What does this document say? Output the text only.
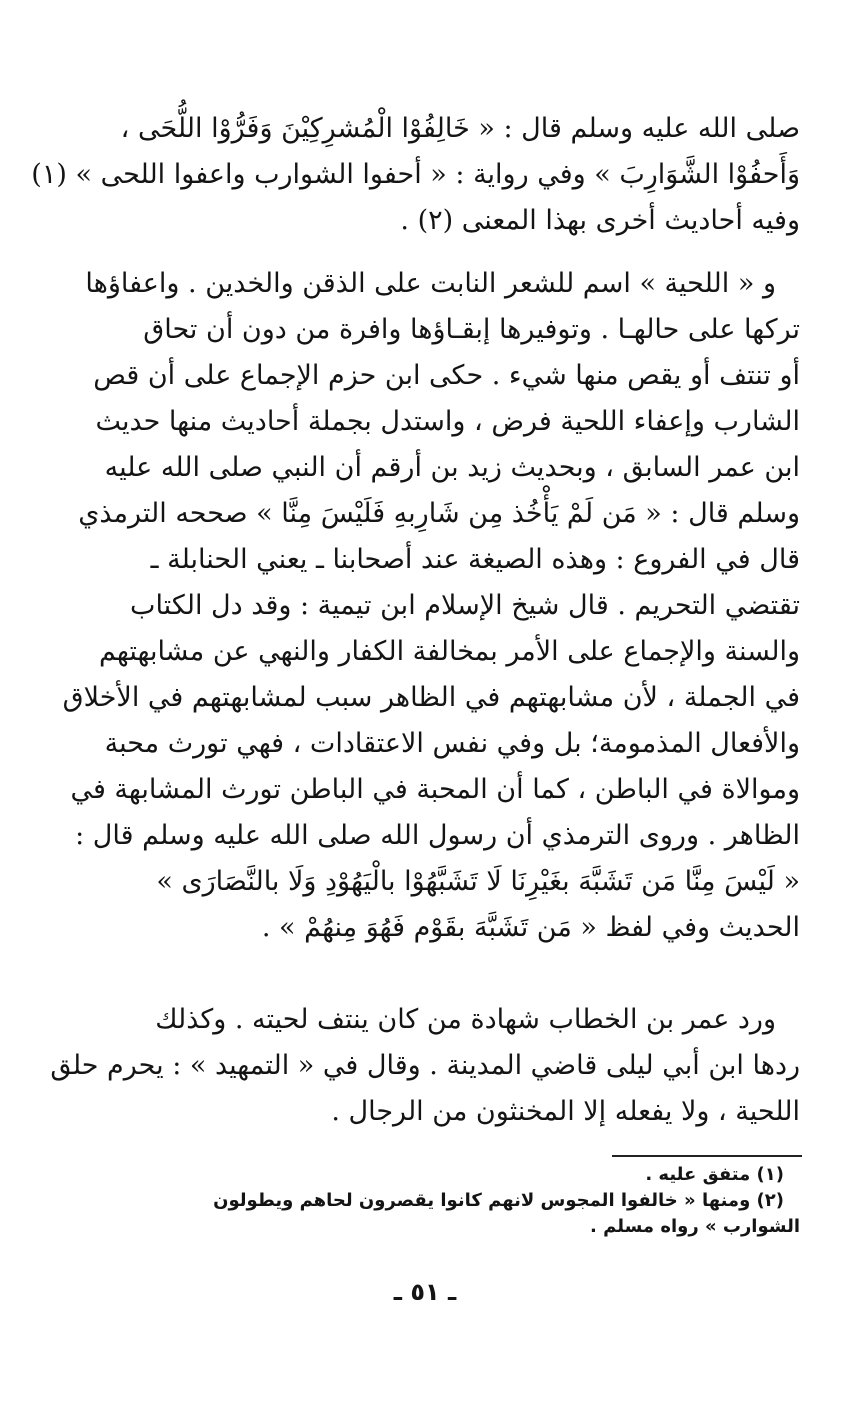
صلى الله عليه وسلم قال : « خَالِفُوْا الْمُشرِكِيْنَ وَفَرُّوْا اللُّحَى ،
وَأَحفُوْا الشَّوَارِبَ » وفي رواية : « أحفوا الشوارب واعفوا اللحى » (١)
وفيه أحاديث أخرى بهذا المعنى (٢) .
و « اللحية » اسم للشعر النابت على الذقن والخدين . واعفاؤها
تركها على حالهـا . وتوفيرها إبقـاؤها وافرة من دون أن تحاق
أو تنتف أو يقص منها شيء . حكى ابن حزم الإجماع على أن قص
الشارب وإعفاء اللحية فرض ، واستدل بجملة أحاديث منها حديث
ابن عمر السابق ، وبحديث زيد بن أرقم أن النبي صلى الله عليه
وسلم قال : « مَن لَمْ يَأْخُذ مِن شَارِبهِ فَلَيْسَ مِنَّا » صححه الترمذي
قال في الفروع : وهذه الصيغة عند أصحابنا ـ يعني الحنابلة ـ
تقتضي التحريم . قال شيخ الإسلام ابن تيمية : وقد دل الكتاب
والسنة والإجماع على الأمر بمخالفة الكفار والنهي عن مشابهتهم
في الجملة ، لأن مشابهتهم في الظاهر سبب لمشابهتهم في الأخلاق
والأفعال المذمومة؛ بل وفي نفس الاعتقادات ، فهي تورث محبة
وموالاة في الباطن ، كما أن المحبة في الباطن تورث المشابهة في
الظاهر . وروى الترمذي أن رسول الله صلى الله عليه وسلم قال :
« لَيْسَ مِنَّا مَن تَشَبَّهَ بغَيْرِنَا لَا تَشَبَّهُوْا بالْيَهُوْدِ وَلَا بالنَّصَارَى »
الحديث وفي لفظ « مَن تَشَبَّهَ بقَوْم فَهُوَ مِنهُمْ » .
ورد عمر بن الخطاب شهادة من كان ينتف لحيته . وكذلك
ردها ابن أبي ليلى قاضي المدينة . وقال في « التمهيد » : يحرم حلق
اللحية ، ولا يفعله إلا المخنثون من الرجال .
(١) متفق عليه .
(٢) ومنها « خالفوا المجوس لانهم كانوا يقصرون لحاهم ويطولون
الشوارب » رواه مسلم .
ـ ٥١ ـ
